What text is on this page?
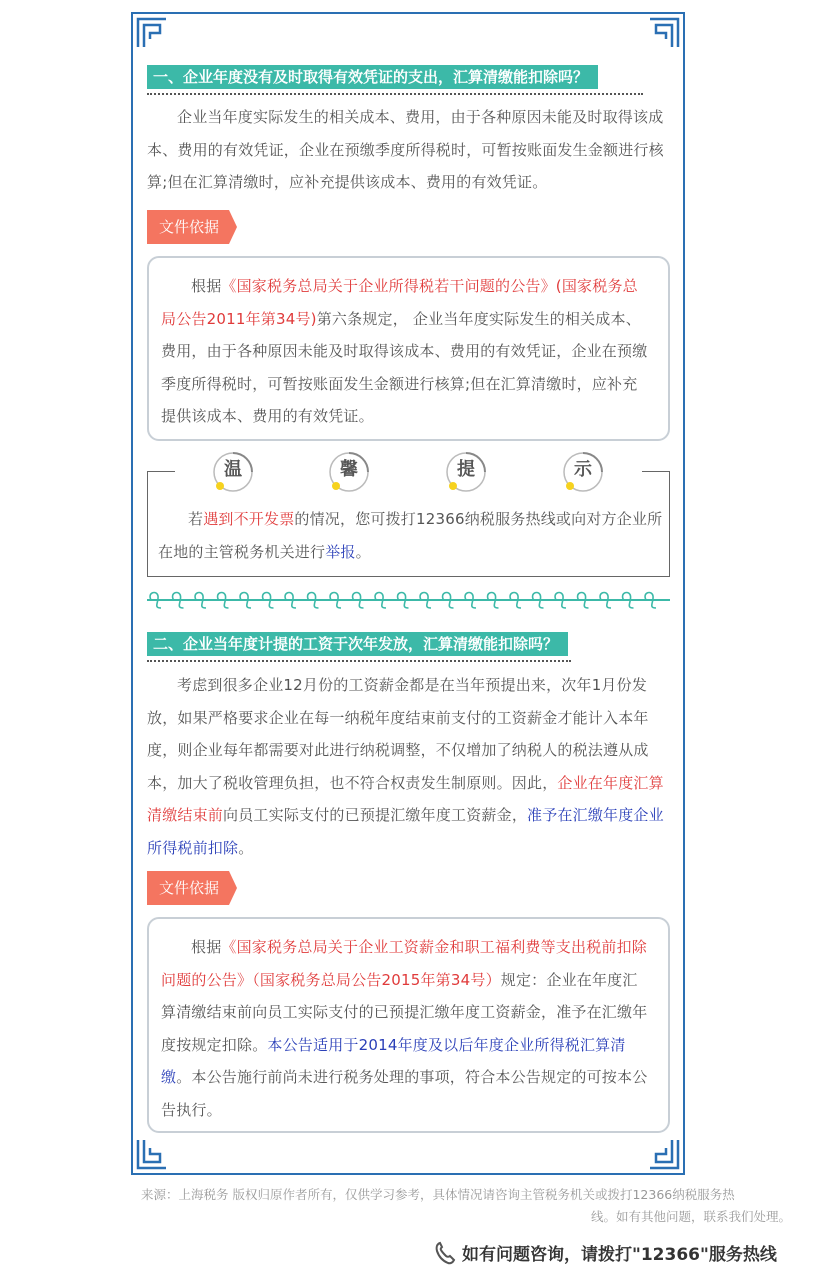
一、企业年度没有及时取得有效凭证的支出，汇算清缴能扣除吗？
企业当年度实际发生的相关成本、费用，由于各种原因未能及时取得该成本、费用的有效凭证，企业在预缴季度所得税时，可暂按账面发生金额进行核算;但在汇算清缴时，应补充提供该成本、费用的有效凭证。
文件依据
根据《国家税务总局关于企业所得税若干问题的公告》(国家税务总局公告2011年第34号)第六条规定， 企业当年度实际发生的相关成本、费用，由于各种原因未能及时取得该成本、费用的有效凭证，企业在预缴季度所得税时，可暂按账面发生金额进行核算;但在汇算清缴时，应补充提供该成本、费用的有效凭证。
若遇到不开发票的情况，您可拨打12366纳税服务热线或向对方企业所在地的主管税务机关进行举报。
温	馨	提	示
二、企业当年度计提的工资于次年发放，汇算清缴能扣除吗？
考虑到很多企业12月份的工资薪金都是在当年预提出来，次年1月份发放，如果严格要求企业在每一纳税年度结束前支付的工资薪金才能计入本年度，则企业每年都需要对此进行纳税调整，不仅增加了纳税人的税法遵从成本，加大了税收管理负担，也不符合权责发生制原则。因此，企业在年度汇算清缴结束前向员工实际支付的已预提汇缴年度工资薪金，准予在汇缴年度企业所得税前扣除。
文件依据
根据《国家税务总局关于企业工资薪金和职工福利费等支出税前扣除问题的公告》（国家税务总局公告2015年第34号）规定：企业在年度汇算清缴结束前向员工实际支付的已预提汇缴年度工资薪金，准予在汇缴年度按规定扣除。本公告适用于2014年度及以后年度企业所得税汇算清缴。本公告施行前尚未进行税务处理的事项，符合本公告规定的可按本公告执行。
来源：上海税务 版权归原作者所有，仅供学习参考，具体情况请咨询主管税务机关或拨打12366纳税服务热
线。如有其他问题，联系我们处理。
如有问题咨询，请拨打"12366"服务热线
